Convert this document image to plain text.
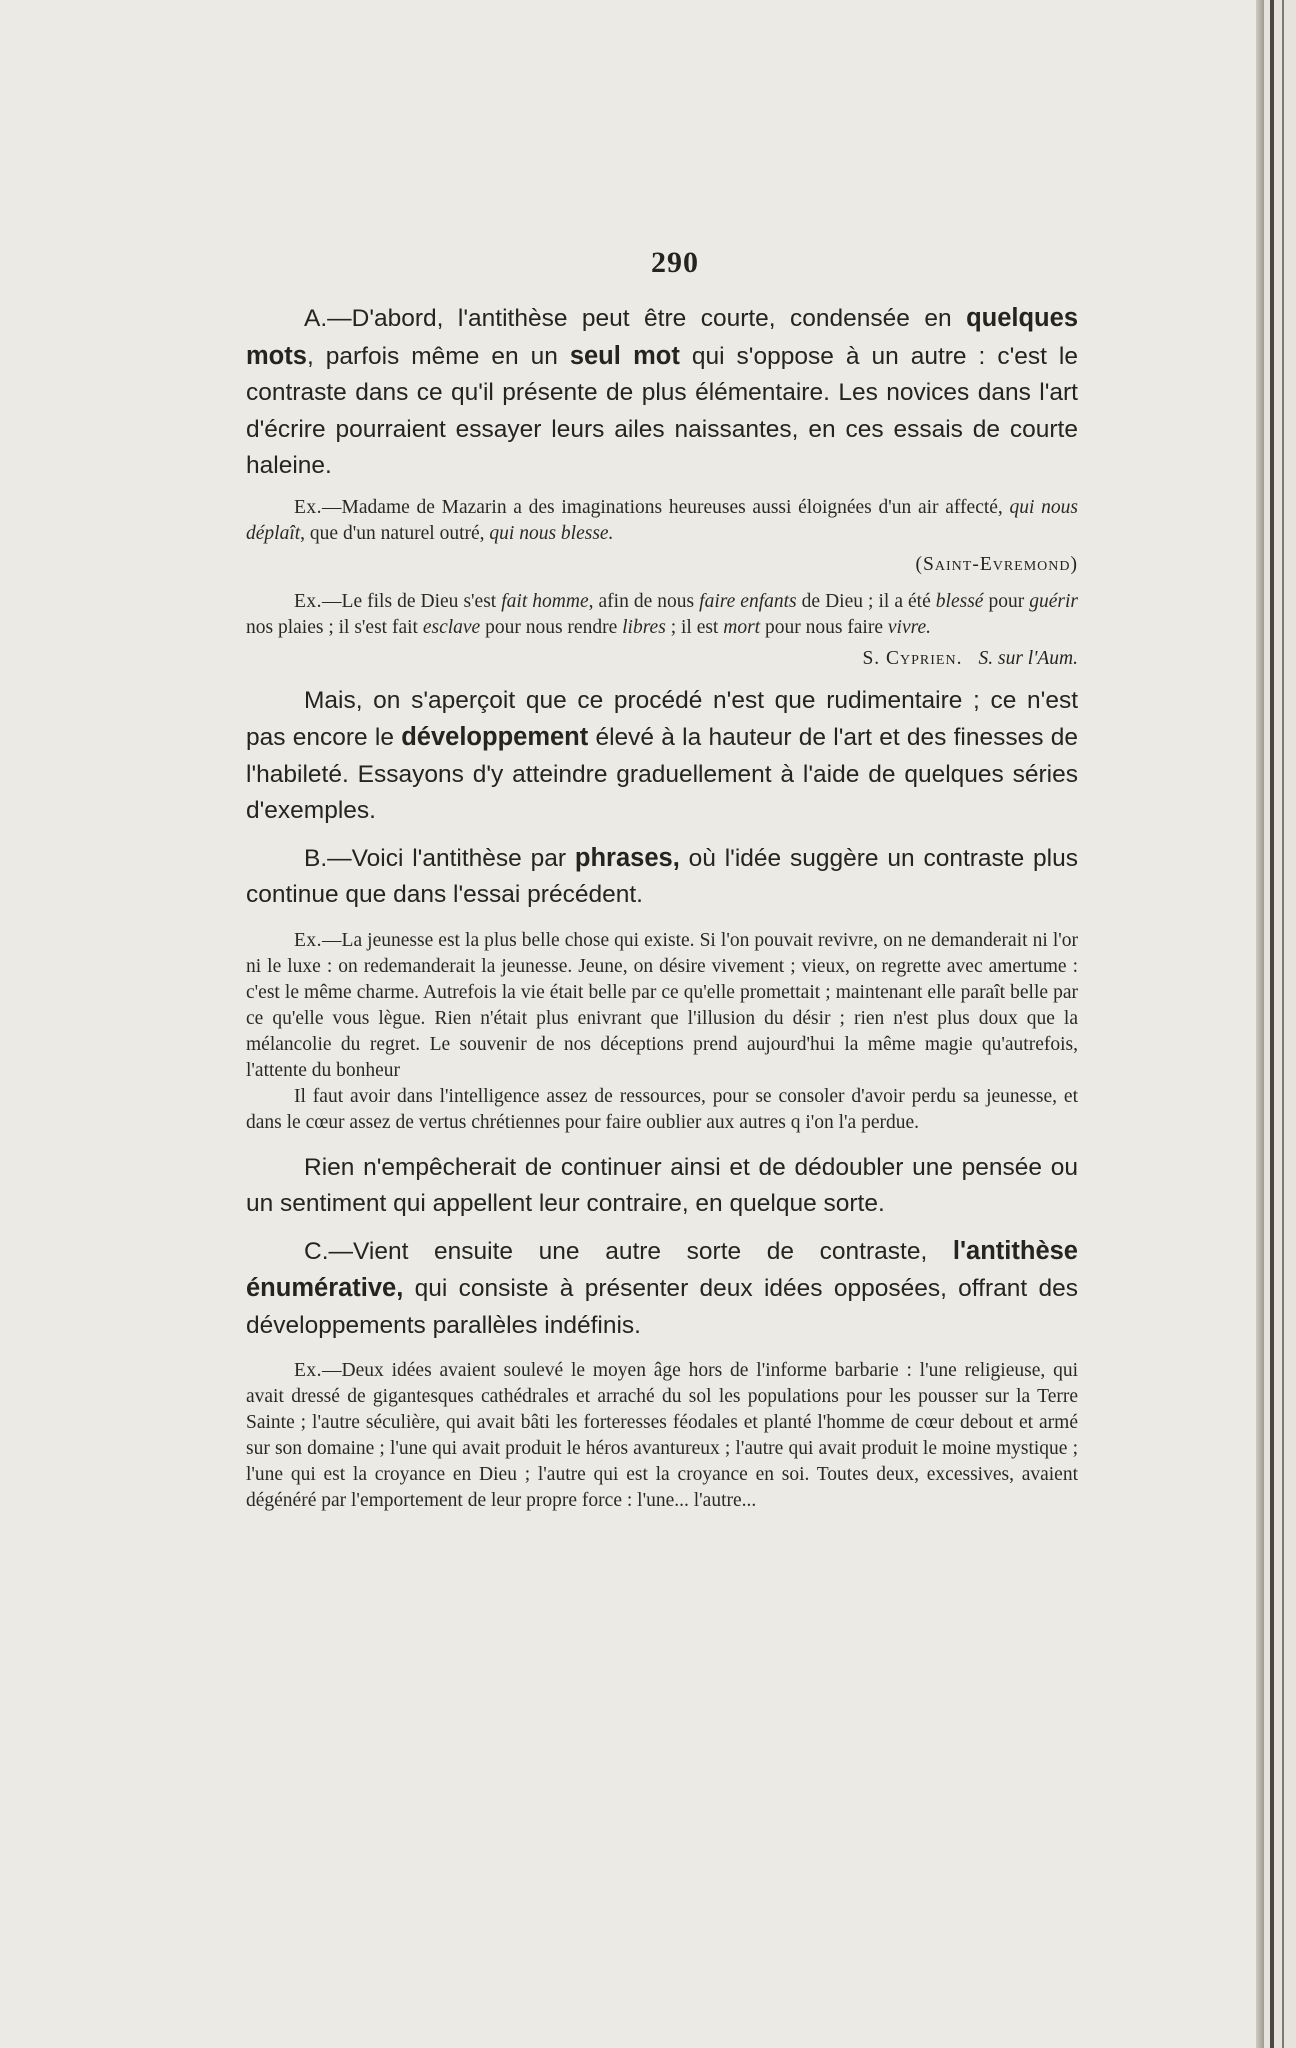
290

A.—D'abord, l'antithèse peut être courte, condensée en quelques mots, parfois même en un seul mot qui s'oppose à un autre : c'est le contraste dans ce qu'il présente de plus élémentaire. Les novices dans l'art d'écrire pourraient essayer leurs ailes naissantes, en ces essais de courte haleine.

Ex.—Madame de Mazarin a des imaginations heureuses aussi éloignées d'un air affecté, qui nous déplaît, que d'un naturel outré, qui nous blesse.

(Saint-Evremond)

Ex.—Le fils de Dieu s'est fait homme, afin de nous faire enfants de Dieu ; il a été blessé pour guérir nos plaies ; il s'est fait esclave pour nous rendre libres ; il est mort pour nous faire vivre.

S. Cyprien. S. sur l'Aum.

Mais, on s'aperçoit que ce procédé n'est que rudimentaire ; ce n'est pas encore le développement élevé à la hauteur de l'art et des finesses de l'habileté. Essayons d'y atteindre graduellement à l'aide de quelques séries d'exemples.

B.—Voici l'antithèse par phrases, où l'idée suggère un contraste plus continue que dans l'essai précédent.

Ex.—La jeunesse est la plus belle chose qui existe. Si l'on pouvait revivre, on ne demanderait ni l'or ni le luxe : on redemanderait la jeunesse. Jeune, on désire vivement ; vieux, on regrette avec amertume : c'est le même charme. Autrefois la vie était belle par ce qu'elle promettait ; maintenant elle paraît belle par ce qu'elle vous lègue. Rien n'était plus enivrant que l'illusion du désir ; rien n'est plus doux que la mélancolie du regret. Le souvenir de nos déceptions prend aujourd'hui la même magie qu'autrefois, l'attente du bonheur

Il faut avoir dans l'intelligence assez de ressources, pour se consoler d'avoir perdu sa jeunesse, et dans le cœur assez de vertus chrétiennes pour faire oublier aux autres q i'on l'a perdue.

Rien n'empêcherait de continuer ainsi et de dédoubler une pensée ou un sentiment qui appellent leur contraire, en quelque sorte.

C.—Vient ensuite une autre sorte de contraste, l'antithèse énumérative, qui consiste à présenter deux idées opposées, offrant des développements parallèles indéfinis.

Ex.—Deux idées avaient soulevé le moyen âge hors de l'informe barbarie : l'une religieuse, qui avait dressé de gigantesques cathédrales et arraché du sol les populations pour les pousser sur la Terre Sainte ; l'autre séculière, qui avait bâti les forteresses féodales et planté l'homme de cœur debout et armé sur son domaine ; l'une qui avait produit le héros avantureux ; l'autre qui avait produit le moine mystique ; l'une qui est la croyance en Dieu ; l'autre qui est la croyance en soi. Toutes deux, excessives, avaient dégénéré par l'emportement de leur propre force : l'une... l'autre...
